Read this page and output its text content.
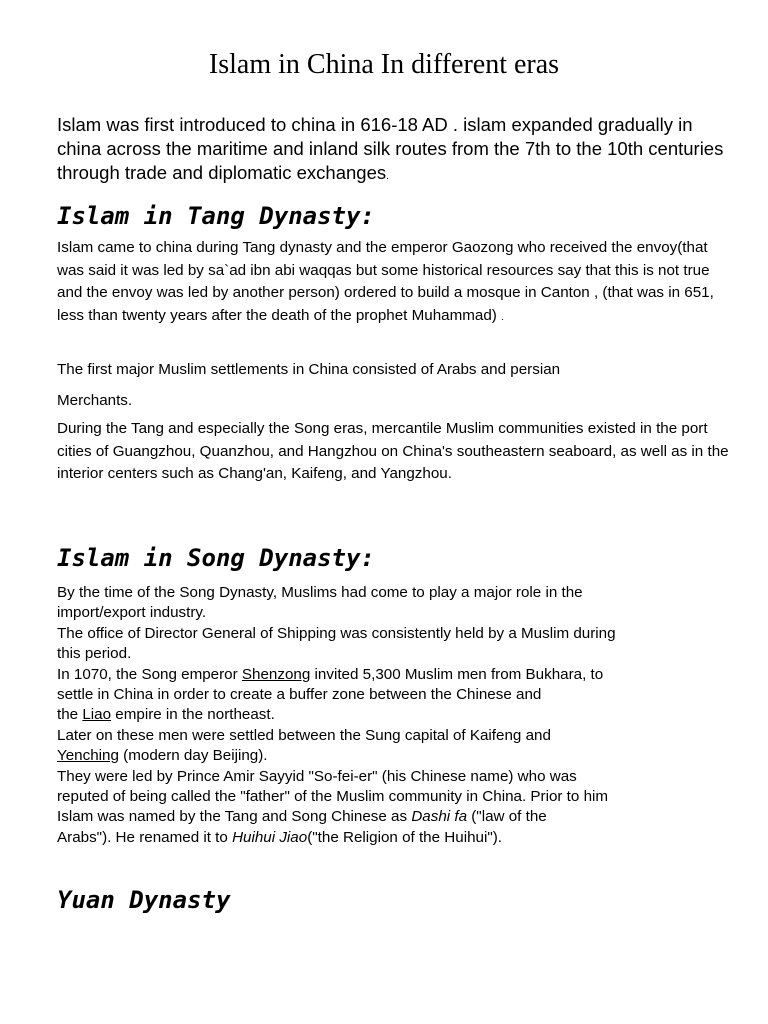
Islam in China In different eras

Islam was first introduced to china in 616-18 AD . islam expanded gradually in china across the maritime and inland silk routes from the 7th to the 10th centuries through trade and diplomatic exchanges.

Islam in Tang Dynasty:

Islam came to china during Tang dynasty and the emperor Gaozong who received the envoy(that was said it was led by sa`ad ibn abi waqqas but some historical resources say that this is not true and the envoy was led by another person) ordered to build a mosque in Canton , (that was in 651, less than twenty years after the death of the prophet Muhammad) .

The first major Muslim settlements in China consisted of Arabs and persian

Merchants.

During the Tang and especially the Song eras, mercantile Muslim communities existed in the port cities of Guangzhou, Quanzhou, and Hangzhou on China's southeastern seaboard, as well as in the interior centers such as Chang'an, Kaifeng, and Yangzhou.

Islam in Song Dynasty:

By the time of the Song Dynasty, Muslims had come to play a major role in the
import/export industry.
The office of Director General of Shipping was consistently held by a Muslim during
this period.
In 1070, the Song emperor Shenzong invited 5,300 Muslim men from Bukhara, to
settle in China in order to create a buffer zone between the Chinese and
the Liao empire in the northeast.
Later on these men were settled between the Sung capital of Kaifeng and
Yenching (modern day Beijing).
They were led by Prince Amir Sayyid "So-fei-er" (his Chinese name) who was
reputed of being called the "father" of the Muslim community in China. Prior to him
Islam was named by the Tang and Song Chinese as Dashi fa ("law of the
Arabs"). He renamed it to Huihui Jiao("the Religion of the Huihui").

Yuan Dynasty
